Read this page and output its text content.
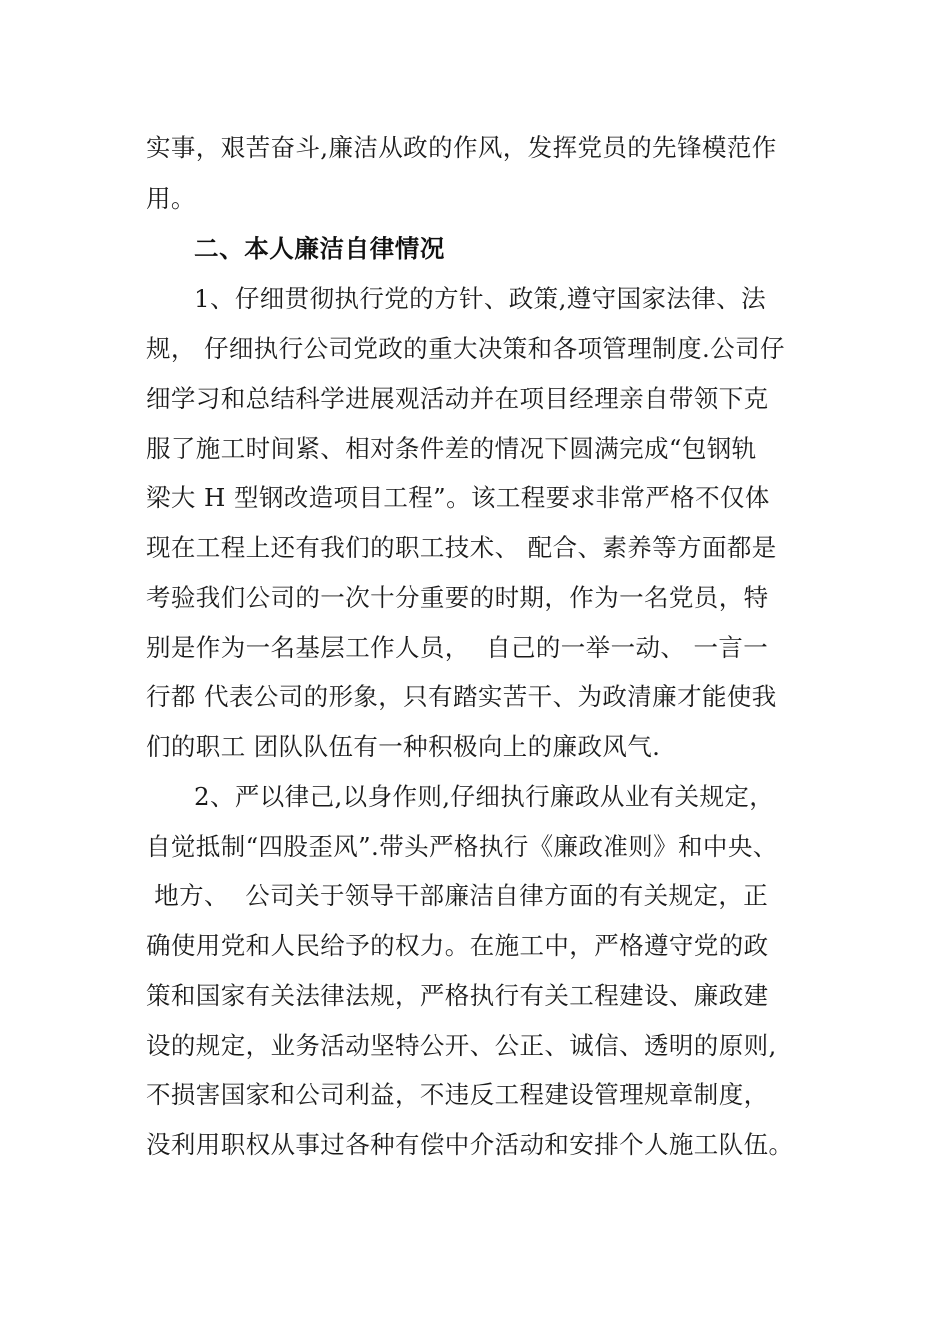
实事，艰苦奋斗,廉洁从政的作风，发挥党员的先锋模范作
用。
二、本人廉洁自律情况
1、仔细贯彻执行党的方针、政策,遵守国家法律、法
规， 仔细执行公司党政的重大决策和各项管理制度.公司仔
细学习和总结科学进展观活动并在项目经理亲自带领下克
服了施工时间紧、相对条件差的情况下圆满完成“包钢轨
梁大 H 型钢改造项目工程”。该工程要求非常严格不仅体
现在工程上还有我们的职工技术、 配合、素养等方面都是
考验我们公司的一次十分重要的时期，作为一名党员，特
别是作为一名基层工作人员，  自己的一举一动、 一言一
行都 代表公司的形象，只有踏实苦干、为政清廉才能使我
们的职工 团队队伍有一种积极向上的廉政风气.
2、严以律己,以身作则,仔细执行廉政从业有关规定，
自觉抵制“四股歪风”.带头严格执行《廉政准则》和中央、
地方、  公司关于领导干部廉洁自律方面的有关规定，正
确使用党和人民给予的权力。在施工中，严格遵守党的政
策和国家有关法律法规，严格执行有关工程建设、廉政建
设的规定，业务活动坚特公开、公正、诚信、透明的原则,
不损害国家和公司利益，不违反工程建设管理规章制度，
没利用职权从事过各种有偿中介活动和安排个人施工队伍。
